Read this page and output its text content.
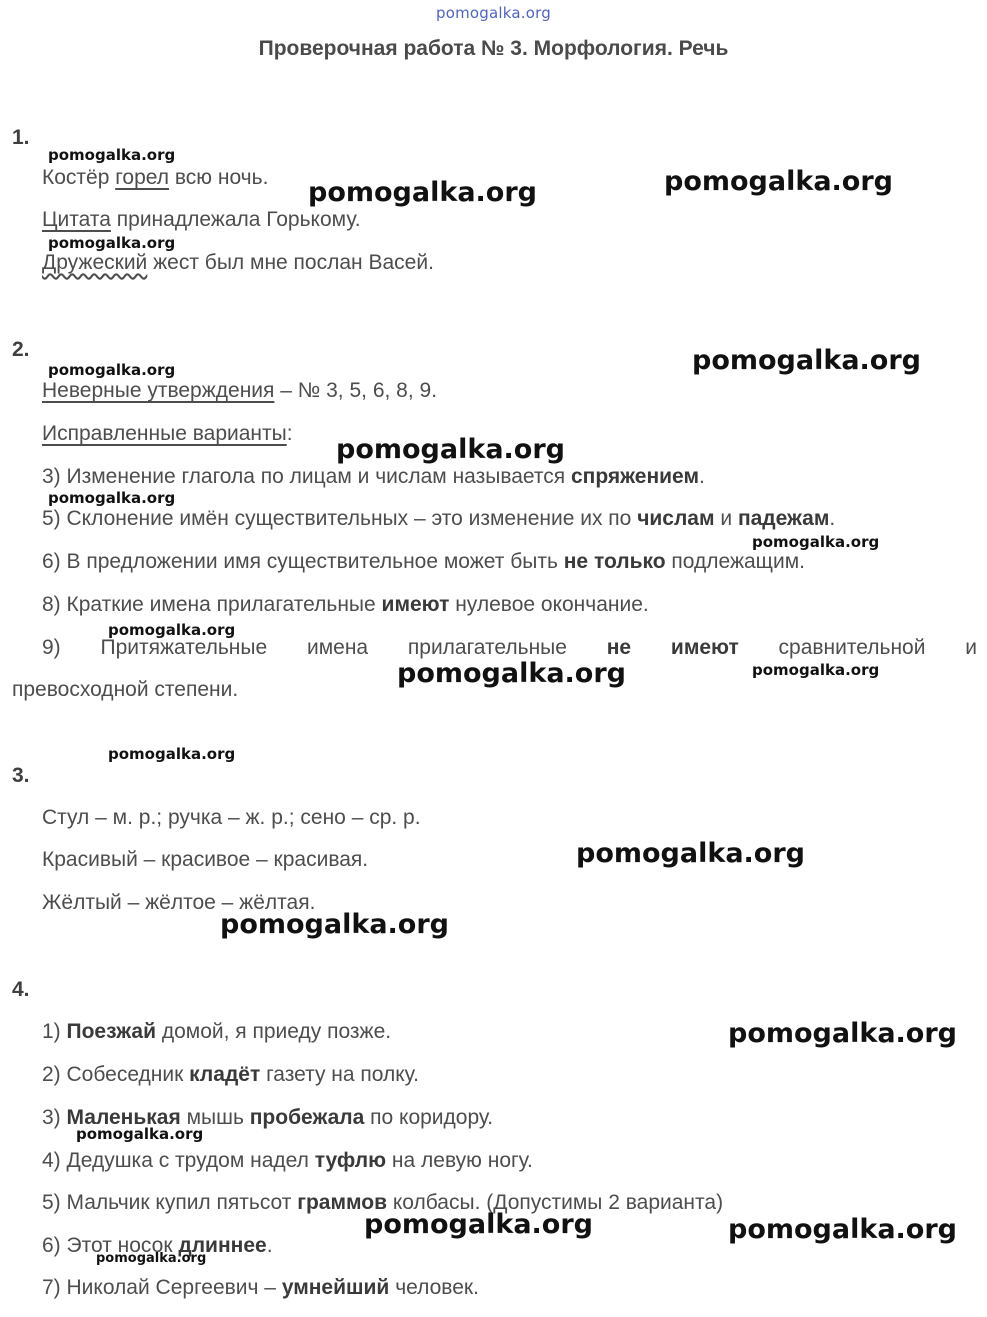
pomogalka.org
Проверочная работа № 3. Морфология. Речь
1.
Костёр горел всю ночь.
Цитата принадлежала Горькому.
Дружеский жест был мне послан Васей.
2.
Неверные утверждения – № 3, 5, 6, 8, 9.
Исправленные варианты:
3) Изменение глагола по лицам и числам называется спряжением.
5) Склонение имён существительных – это изменение их по числам и падежам.
6) В предложении имя существительное может быть не только подлежащим.
8) Краткие имена прилагательные имеют нулевое окончание.
9) Притяжательные имена прилагательные не имеют сравнительной и
превосходной степени.
3.
Стул – м. р.; ручка – ж. р.; сено – ср. р.
Красивый – красивое – красивая.
Жёлтый – жёлтое – жёлтая.
4.
1) Поезжай домой, я приеду позже.
2) Собеседник кладёт газету на полку.
3) Маленькая мышь пробежала по коридору.
4) Дедушка с трудом надел туфлю на левую ногу.
5) Мальчик купил пятьсот граммов колбасы. (Допустимы 2 варианта)
6) Этот носок длиннее.
7) Николай Сергеевич – умнейший человек.
pomogalka.org	pomogalka.org
pomogalka.org
pomogalka.org
pomogalka.org
pomogalka.org
pomogalka.org
pomogalka.org
pomogalka.org	pomogalka.org
pomogalka.org
pomogalka.org
pomogalka.org
pomogalka.org
pomogalka.org
pomogalka.org
pomogalka.org
pomogalka.org
pomogalka.org
pomogalka.org
